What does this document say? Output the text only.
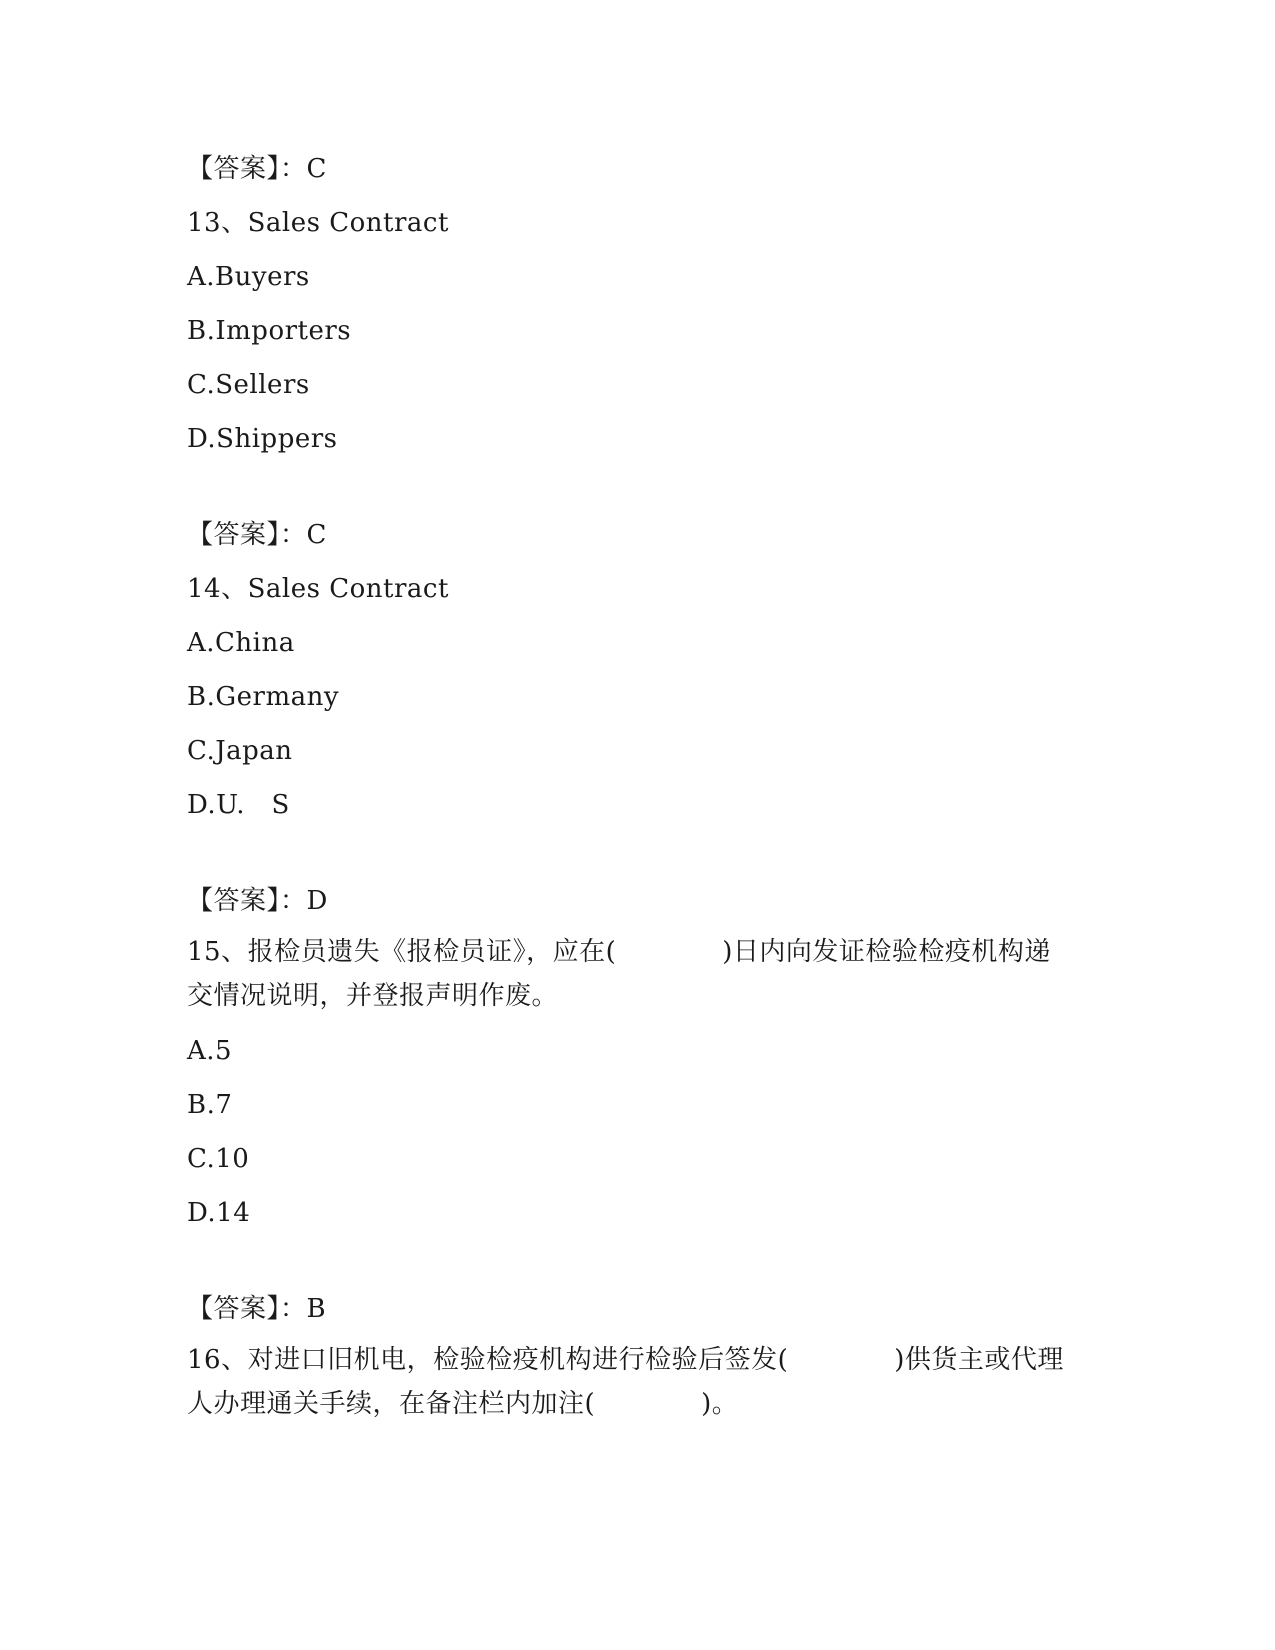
【答案】：C
13、Sales Contract
A.Buyers
B.Importers
C.Sellers
D.Shippers
【答案】：C
14、Sales Contract
A.China
B.Germany
C.Japan
D.U.　S
【答案】：D
15、报检员遗失《报检员证》，应在(　　　　)日内向发证检验检疫机构递交情况说明，并登报声明作废。
A.5
B.7
C.10
D.14
【答案】：B
16、对进口旧机电，检验检疫机构进行检验后签发(　　　　)供货主或代理人办理通关手续，在备注栏内加注(　　　　)。
